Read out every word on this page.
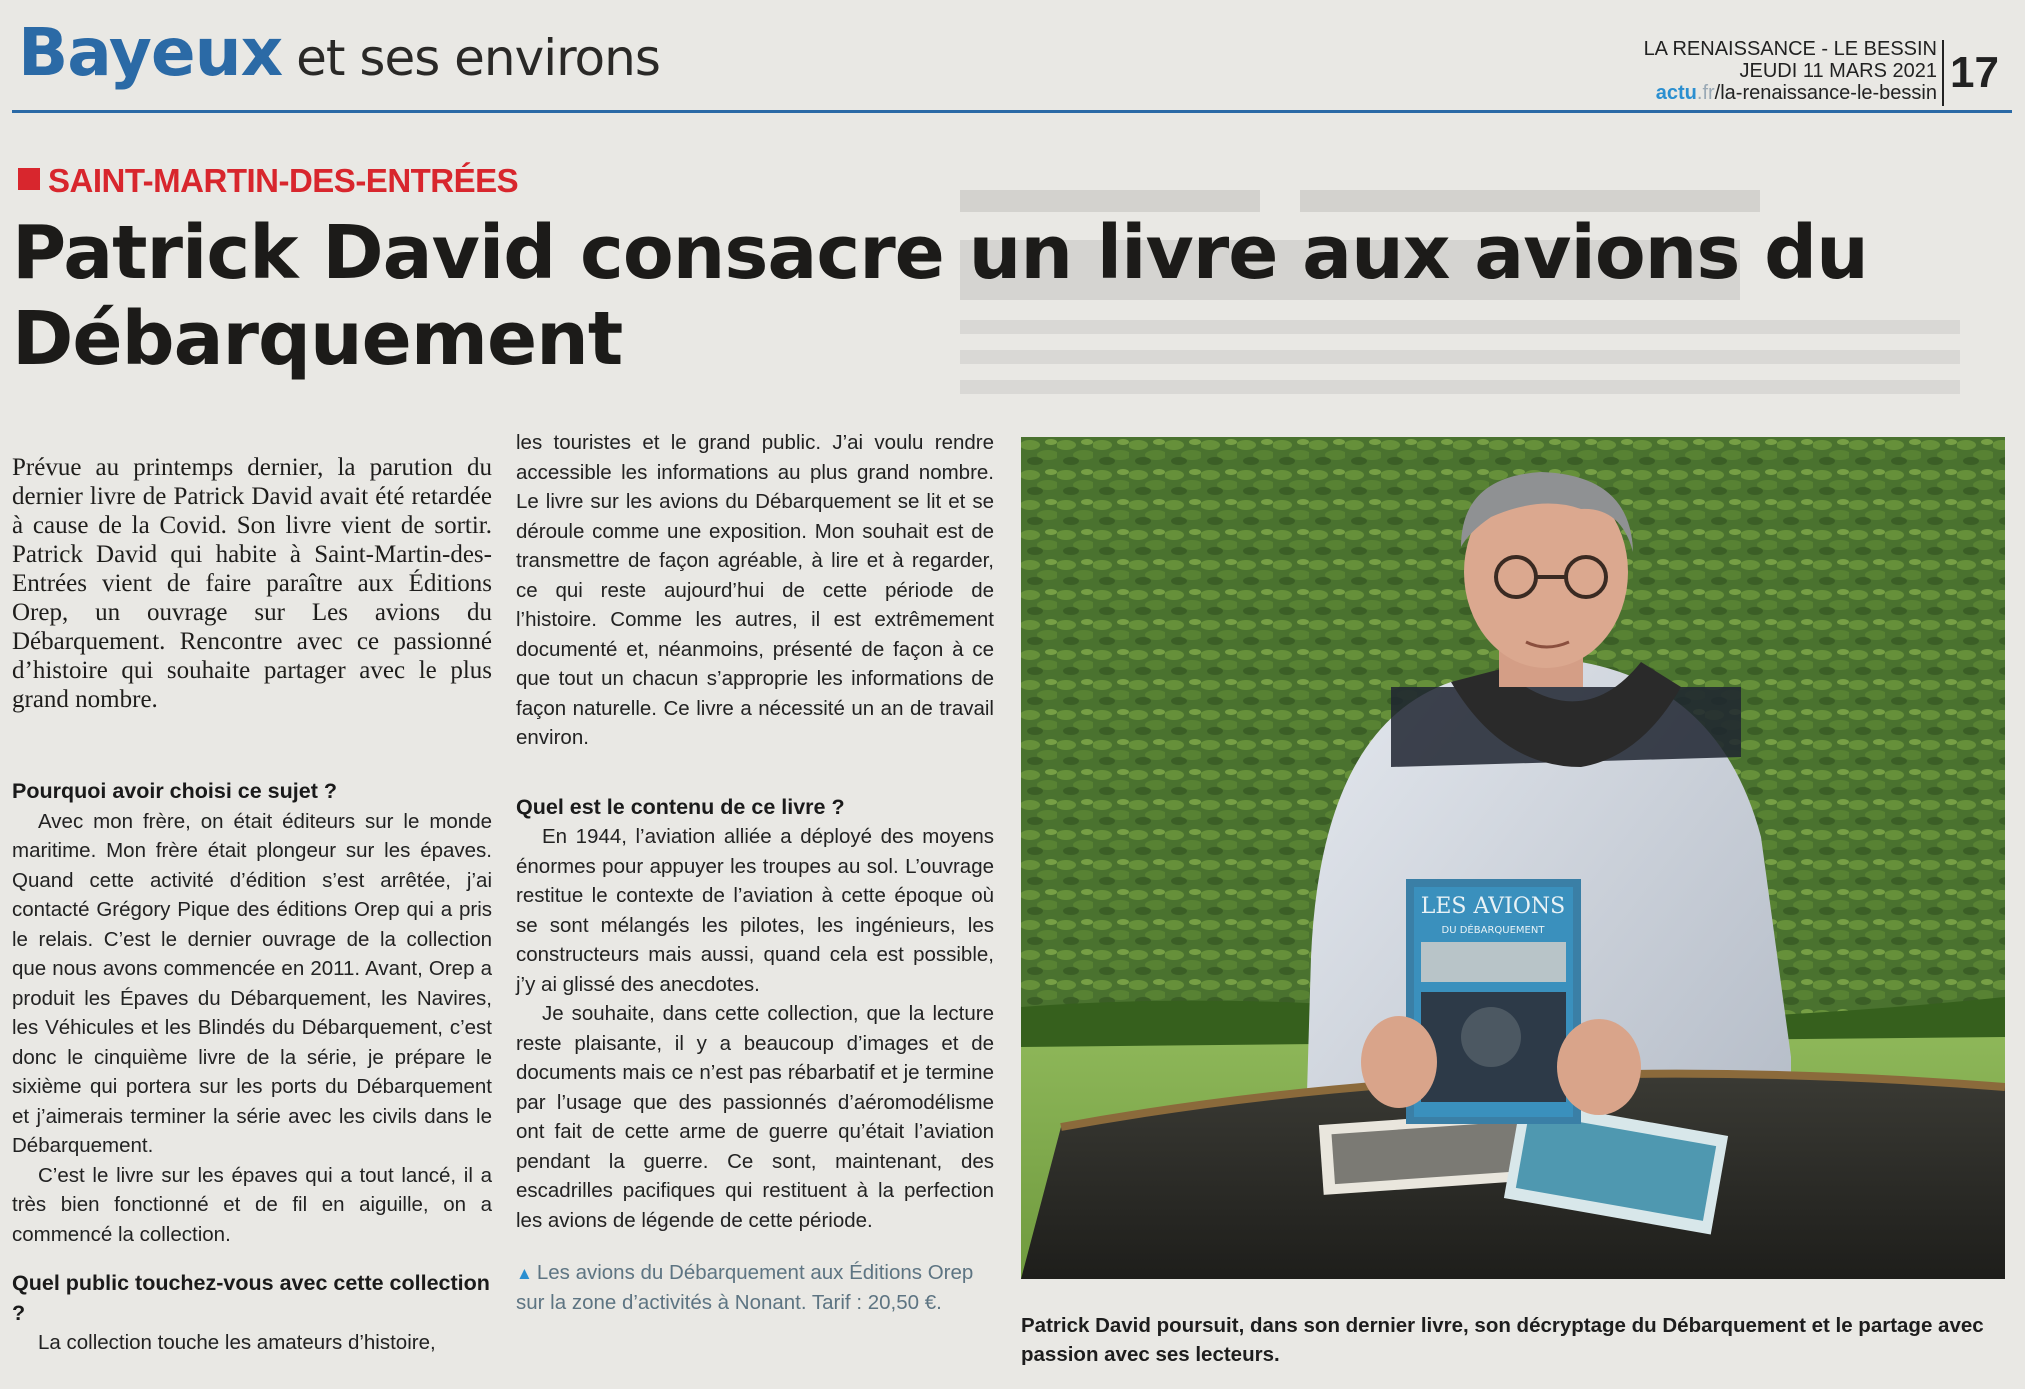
Bayeux et ses environs	LA RENAISSANCE - LE BESSIN
JEUDI 11 MARS 2021
actu.fr/la-renaissance-le-bessin 17
SAINT-MARTIN-DES-ENTRÉES
Patrick David consacre un livre aux avions du Débarquement

Prévue au printemps dernier, la parution du dernier livre de Patrick David avait été retardée à cause de la Covid. Son livre vient de sortir. Patrick David qui habite à Saint-Martin-des-Entrées vient de faire paraître aux Éditions Orep, un ouvrage sur Les avions du Débarquement. Rencontre avec ce passionné d’histoire qui souhaite partager avec le plus grand nombre.

Pourquoi avoir choisi ce sujet ?

Avec mon frère, on était éditeurs sur le monde maritime. Mon frère était plongeur sur les épaves. Quand cette activité d’édition s’est arrêtée, j’ai contacté Grégory Pique des éditions Orep qui a pris le relais. C’est le dernier ouvrage de la collection que nous avons commencée en 2011. Avant, Orep a produit les Épaves du Débarquement, les Navires, les Véhicules et les Blindés du Débarquement, c’est donc le cinquième livre de la série, je prépare le sixième qui portera sur les ports du Débarquement et j’aimerais terminer la série avec les civils dans le Débarquement.

C’est le livre sur les épaves qui a tout lancé, il a très bien fonctionné et de fil en aiguille, on a commencé la collection.

Quel public touchez-vous avec cette collection ?

La collection touche les amateurs d’histoire,

les touristes et le grand public. J’ai voulu rendre accessible les informations au plus grand nombre. Le livre sur les avions du Débarquement se lit et se déroule comme une exposition. Mon souhait est de transmettre de façon agréable, à lire et à regarder, ce qui reste aujourd’hui de cette période de l’histoire. Comme les autres, il est extrêmement documenté et, néanmoins, présenté de façon à ce que tout un chacun s’approprie les informations de façon naturelle. Ce livre a nécessité un an de travail environ.

Quel est le contenu de ce livre ?

En 1944, l’aviation alliée a déployé des moyens énormes pour appuyer les troupes au sol. L’ouvrage restitue le contexte de l’aviation à cette époque où se sont mélangés les pilotes, les ingénieurs, les constructeurs mais aussi, quand cela est possible, j’y ai glissé des anecdotes.

Je souhaite, dans cette collection, que la lecture reste plaisante, il y a beaucoup d’images et de documents mais ce n’est pas rébarbatif et je termine par l’usage que des passionnés d’aéromodélisme ont fait de cette arme de guerre qu’était l’aviation pendant la guerre. Ce sont, maintenant, des escadrilles pacifiques qui restituent à la perfection les avions de légende de cette période.

▲ Les avions du Débarquement aux Éditions Orep sur la zone d’activités à Nonant. Tarif : 20,50 €.
LES AVIONS
DU DÉBARQUEMENT

Patrick David poursuit, dans son dernier livre, son décryptage du Débarquement et le partage avec passion avec ses lecteurs.
